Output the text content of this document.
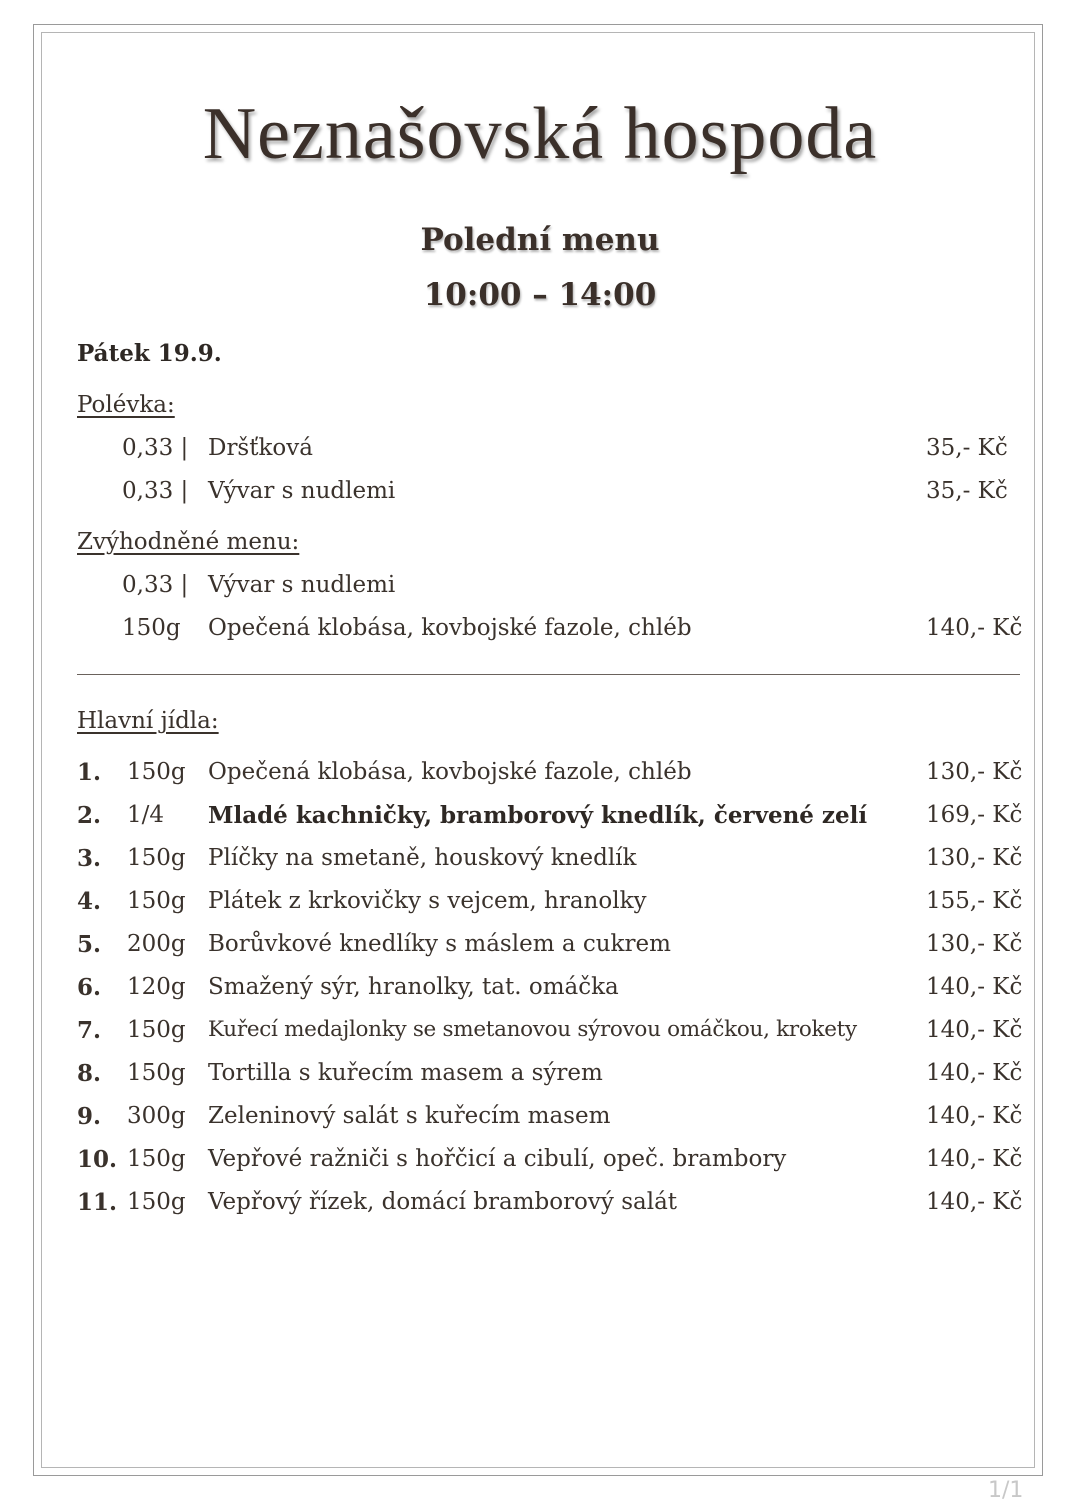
Neznašovská hospoda
Polední menu
10:00 – 14:00
Pátek 19.9.
Polévka:
0,33 | Dršťková	35,- Kč
0,33 | Vývar s nudlemi	35,- Kč
Zvýhodněné menu:
0,33 | Vývar s nudlemi
150g Opečená klobása, kovbojské fazole, chléb	140,- Kč
Hlavní jídla:
1. 150g Opečená klobása, kovbojské fazole, chléb	130,- Kč
2. 1/4 Mladé kachničky, bramborový knedlík, červené zelí	169,- Kč
3. 150g Plíčky na smetaně, houskový knedlík	130,- Kč
4. 150g Plátek z krkovičky s vejcem, hranolky	155,- Kč
5. 200g Borůvkové knedlíky s máslem a cukrem	130,- Kč
6. 120g Smažený sýr, hranolky, tat. omáčka	140,- Kč
7. 150g Kuřecí medajlonky se smetanovou sýrovou omáčkou, krokety	140,- Kč
8. 150g Tortilla s kuřecím masem a sýrem	140,- Kč
9. 300g Zeleninový salát s kuřecím masem	140,- Kč
10. 150g Vepřové ražniči s hořčicí a cibulí, opeč. brambory	140,- Kč
11. 150g Vepřový řízek, domácí bramborový salát	140,- Kč
1/1
